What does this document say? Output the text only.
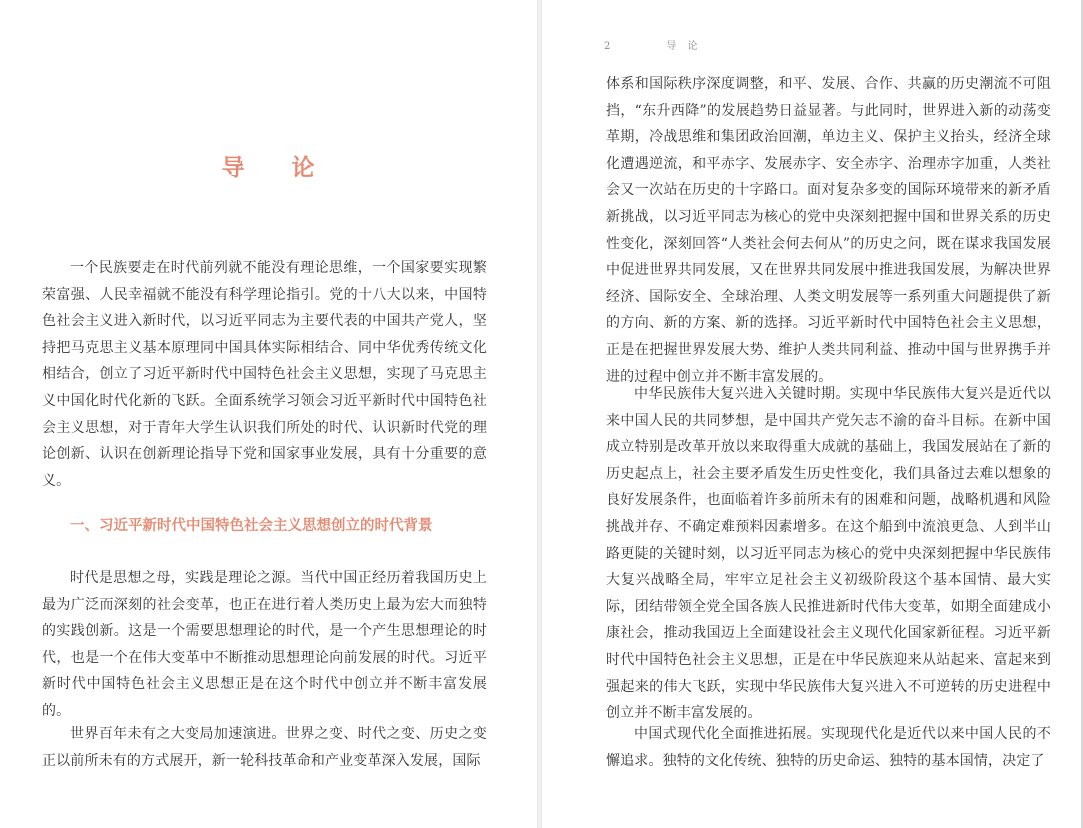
导 论

一个民族要走在时代前列就不能没有理论思维，一个国家要实现繁荣富强、人民幸福就不能没有科学理论指引。党的十八大以来，中国特色社会主义进入新时代，以习近平同志为主要代表的中国共产党人，坚持把马克思主义基本原理同中国具体实际相结合、同中华优秀传统文化相结合，创立了习近平新时代中国特色社会主义思想，实现了马克思主义中国化时代化新的飞跃。全面系统学习领会习近平新时代中国特色社会主义思想，对于青年大学生认识我们所处的时代、认识新时代党的理论创新、认识在创新理论指导下党和国家事业发展，具有十分重要的意义。

一、习近平新时代中国特色社会主义思想创立的时代背景

时代是思想之母，实践是理论之源。当代中国正经历着我国历史上最为广泛而深刻的社会变革，也正在进行着人类历史上最为宏大而独特的实践创新。这是一个需要思想理论的时代，是一个产生思想理论的时代，也是一个在伟大变革中不断推动思想理论向前发展的时代。习近平新时代中国特色社会主义思想正是在这个时代中创立并不断丰富发展的。

世界百年未有之大变局加速演进。世界之变、时代之变、历史之变正以前所未有的方式展开，新一轮科技革命和产业变革深入发展，国际

2	导 论

体系和国际秩序深度调整，和平、发展、合作、共赢的历史潮流不可阻挡，“东升西降”的发展趋势日益显著。与此同时，世界进入新的动荡变革期，冷战思维和集团政治回潮，单边主义、保护主义抬头，经济全球化遭遇逆流，和平赤字、发展赤字、安全赤字、治理赤字加重，人类社会又一次站在历史的十字路口。面对复杂多变的国际环境带来的新矛盾新挑战，以习近平同志为核心的党中央深刻把握中国和世界关系的历史性变化，深刻回答“人类社会何去何从”的历史之问，既在谋求我国发展中促进世界共同发展，又在世界共同发展中推进我国发展，为解决世界经济、国际安全、全球治理、人类文明发展等一系列重大问题提供了新的方向、新的方案、新的选择。习近平新时代中国特色社会主义思想，正是在把握世界发展大势、维护人类共同利益、推动中国与世界携手并进的过程中创立并不断丰富发展的。

中华民族伟大复兴进入关键时期。实现中华民族伟大复兴是近代以来中国人民的共同梦想，是中国共产党矢志不渝的奋斗目标。在新中国成立特别是改革开放以来取得重大成就的基础上，我国发展站在了新的历史起点上，社会主要矛盾发生历史性变化，我们具备过去难以想象的良好发展条件，也面临着许多前所未有的困难和问题，战略机遇和风险挑战并存、不确定难预料因素增多。在这个船到中流浪更急、人到半山路更陡的关键时刻，以习近平同志为核心的党中央深刻把握中华民族伟大复兴战略全局，牢牢立足社会主义初级阶段这个基本国情、最大实际，团结带领全党全国各族人民推进新时代伟大变革，如期全面建成小康社会，推动我国迈上全面建设社会主义现代化国家新征程。习近平新时代中国特色社会主义思想，正是在中华民族迎来从站起来、富起来到强起来的伟大飞跃，实现中华民族伟大复兴进入不可逆转的历史进程中创立并不断丰富发展的。

中国式现代化全面推进拓展。实现现代化是近代以来中国人民的不懈追求。独特的文化传统、独特的历史命运、独特的基本国情，决定了
